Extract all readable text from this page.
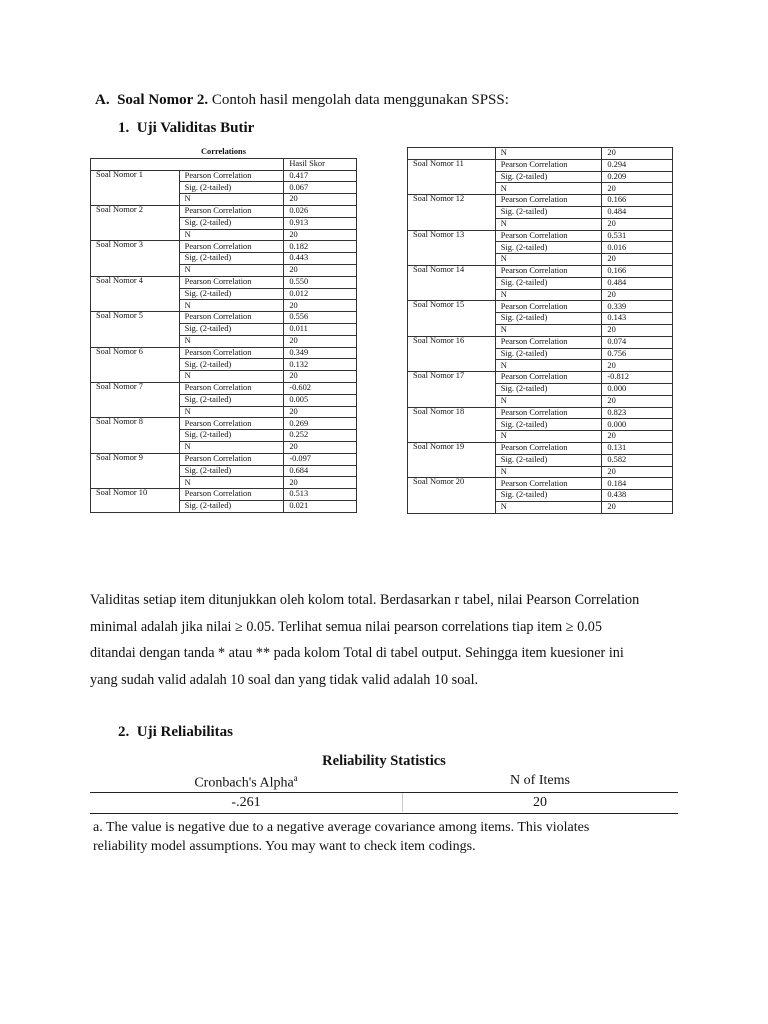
A. Soal Nomor 2. Contoh hasil mengolah data menggunakan SPSS:
1. Uji Validitas Butir
Correlations		
		Hasil Skor
Soal Nomor 1	Pearson Correlation	0.417
	Sig. (2-tailed)	0.067
	N	20
Soal Nomor 2	Pearson Correlation	0.026
	Sig. (2-tailed)	0.913
	N	20
Soal Nomor 3	Pearson Correlation	0.182
	Sig. (2-tailed)	0.443
	N	20
Soal Nomor 4	Pearson Correlation	0.550
	Sig. (2-tailed)	0.012
	N	20
Soal Nomor 5	Pearson Correlation	0.556
	Sig. (2-tailed)	0.011
	N	20
Soal Nomor 6	Pearson Correlation	0.349
	Sig. (2-tailed)	0.132
	N	20
Soal Nomor 7	Pearson Correlation	-0.602
	Sig. (2-tailed)	0.005
	N	20
Soal Nomor 8	Pearson Correlation	0.269
	Sig. (2-tailed)	0.252
	N	20
Soal Nomor 9	Pearson Correlation	-0.097
	Sig. (2-tailed)	0.684
	N	20
Soal Nomor 10	Pearson Correlation	0.513
	Sig. (2-tailed)	0.021
	N	20
Soal Nomor 11	Pearson Correlation	0.294
	Sig. (2-tailed)	0.209
	N	20
Soal Nomor 12	Pearson Correlation	0.166
	Sig. (2-tailed)	0.484
	N	20
Soal Nomor 13	Pearson Correlation	0.531
	Sig. (2-tailed)	0.016
	N	20
Soal Nomor 14	Pearson Correlation	0.166
	Sig. (2-tailed)	0.484
	N	20
Soal Nomor 15	Pearson Correlation	0.339
	Sig. (2-tailed)	0.143
	N	20
Soal Nomor 16	Pearson Correlation	0.074
	Sig. (2-tailed)	0.756
	N	20
Soal Nomor 17	Pearson Correlation	-0.812
	Sig. (2-tailed)	0.000
	N	20
Soal Nomor 18	Pearson Correlation	0.823
	Sig. (2-tailed)	0.000
	N	20
Soal Nomor 19	Pearson Correlation	0.131
	Sig. (2-tailed)	0.582
	N	20
Soal Nomor 20	Pearson Correlation	0.184
	Sig. (2-tailed)	0.438
	N	20
Validitas setiap item ditunjukkan oleh kolom total. Berdasarkan r tabel, nilai Pearson Correlation
minimal adalah jika nilai ≥ 0.05. Terlihat semua nilai pearson correlations tiap item ≥ 0.05
ditandai dengan tanda * atau ** pada kolom Total di tabel output. Sehingga item kuesioner ini
yang sudah valid adalah 10 soal dan yang tidak valid adalah 10 soal.
2. Uji Reliabilitas
Reliability Statistics
Cronbach's Alpha$^a$	N of Items
-.261	20
a. The value is negative due to a negative average covariance among items. This violates
reliability model assumptions. You may want to check item codings.
